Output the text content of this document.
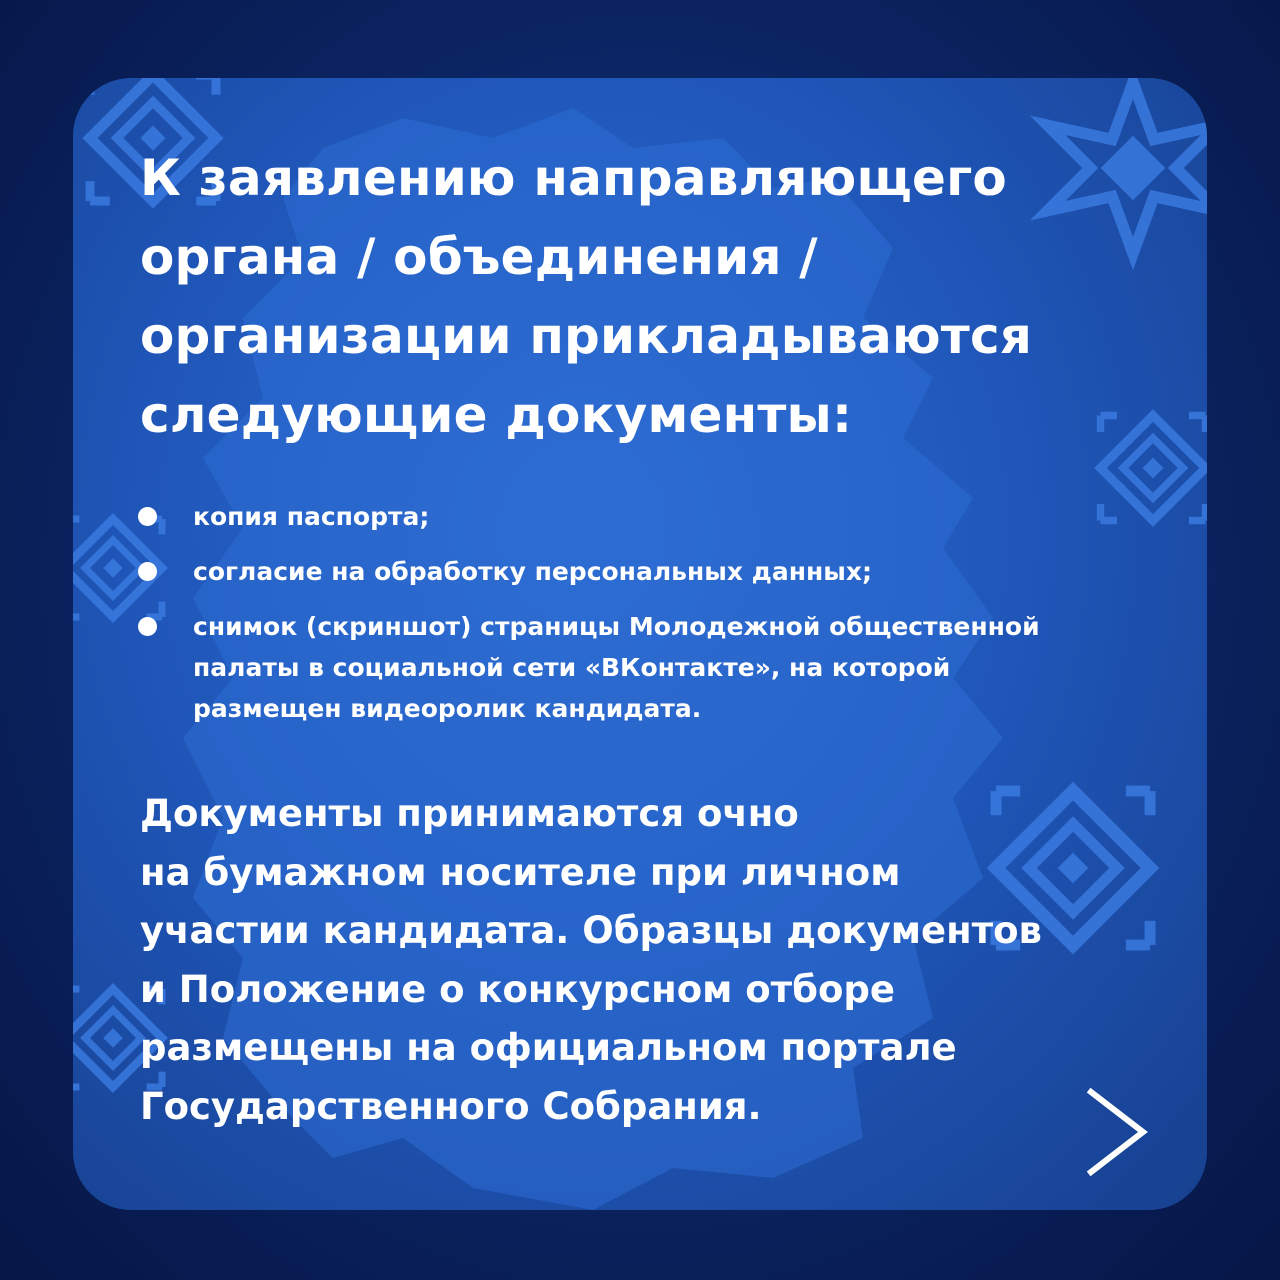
К заявлению направляющего
органа / объединения /
организации прикладываются
следующие документы:
копия паспорта;
согласие на обработку персональных данных;
снимок (скриншот) страницы Молодежной общественной
палаты в социальной сети «ВКонтакте», на которой
размещен видеоролик кандидата.

Документы принимаются очно
на бумажном носителе при личном
участии кандидата. Образцы документов
и Положение о конкурсном отборе
размещены на официальном портале
Государственного Собрания.
